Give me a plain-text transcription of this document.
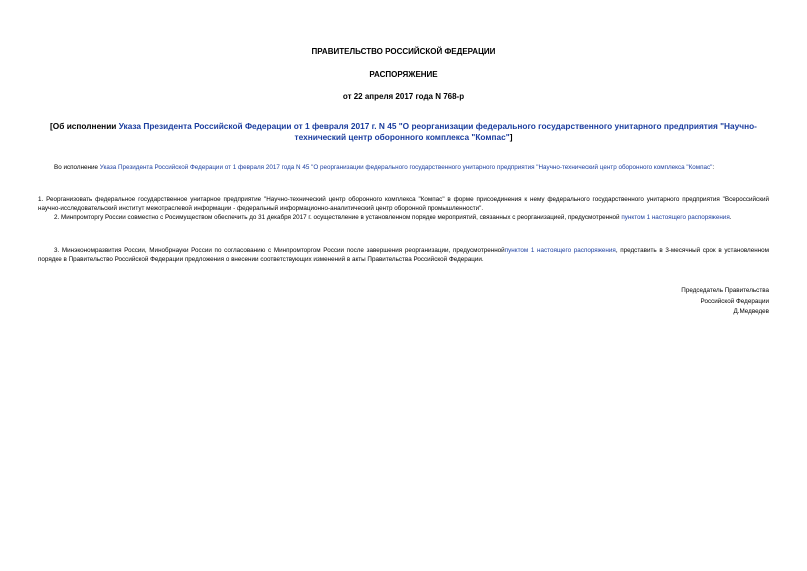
ПРАВИТЕЛЬСТВО РОССИЙСКОЙ ФЕДЕРАЦИИ
РАСПОРЯЖЕНИЕ
от 22 апреля 2017 года N 768-р
[Об исполнении Указа Президента Российской Федерации от 1 февраля 2017 г. N 45 "О реорганизации федерального государственного унитарного предприятия "Научно-технический центр оборонного комплекса "Компас"]
Во исполнение Указа Президента Российской Федерации от 1 февраля 2017 года N 45 "О реорганизации федерального государственного унитарного предприятия "Научно-технический центр оборонного комплекса "Компас":
1. Реорганизовать федеральное государственное унитарное предприятие "Научно-технический центр оборонного комплекса "Компас" в форме присоединения к нему федерального государственного унитарного предприятия "Всероссийский научно-исследовательский институт межотраслевой информации - федеральный информационно-аналитический центр оборонной промышленности".
2. Минпромторгу России совместно с Росимуществом обеспечить до 31 декабря 2017 г. осуществление в установленном порядке мероприятий, связанных с реорганизацией, предусмотренной пунктом 1 настоящего распоряжения.
3. Минэкономразвития России, Минобрнауки России по согласованию с Минпромторгом России после завершения реорганизации, предусмотреннойпунктом 1 настоящего распоряжения, представить в 3-месячный срок в установленном порядке в Правительство Российской Федерации предложения о внесении соответствующих изменений в акты Правительства Российской Федерации.
Председатель Правительства
Российской Федерации
Д.Медведев
